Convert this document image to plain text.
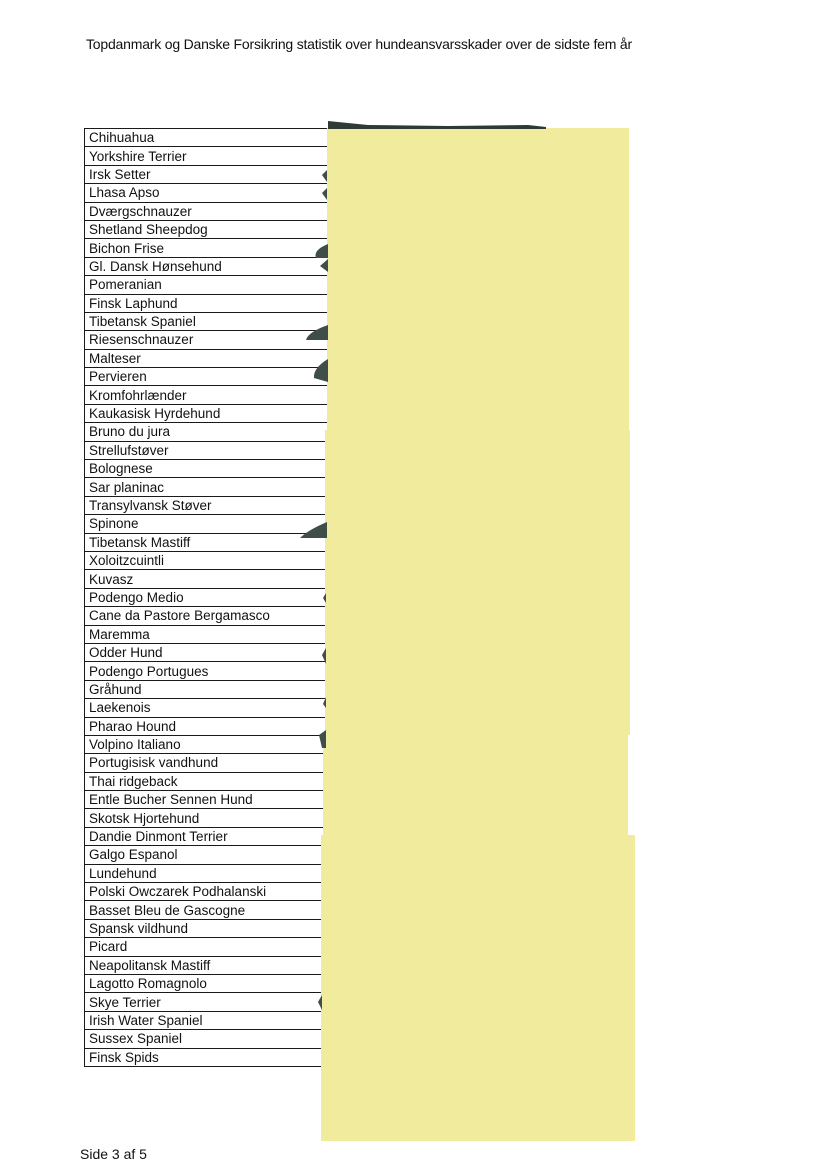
Topdanmark og Danske Forsikring statistik over hundeansvarsskader over de sidste fem år
Chihuahua
Yorkshire Terrier
Irsk Setter
Lhasa Apso
Dværgschnauzer
Shetland Sheepdog
Bichon Frise
Gl. Dansk Hønsehund
Pomeranian
Finsk Laphund
Tibetansk Spaniel
Riesenschnauzer
Malteser
Pervieren
Kromfohrlænder
Kaukasisk Hyrdehund
Bruno du jura
Strellufstøver
Bolognese
Sar planinac
Transylvansk Støver
Spinone
Tibetansk Mastiff
Xoloitzcuintli
Kuvasz
Podengo Medio
Cane da Pastore Bergamasco
Maremma
Odder Hund
Podengo Portugues
Gråhund
Laekenois
Pharao Hound
Volpino Italiano
Portugisisk vandhund
Thai ridgeback
Entle Bucher Sennen Hund
Skotsk Hjortehund
Dandie Dinmont Terrier
Galgo Espanol
Lundehund
Polski Owczarek Podhalanski
Basset Bleu de Gascogne
Spansk vildhund
Picard
Neapolitansk Mastiff
Lagotto Romagnolo
Skye Terrier
Irish Water Spaniel
Sussex Spaniel
Finsk Spids
Side 3 af 5
